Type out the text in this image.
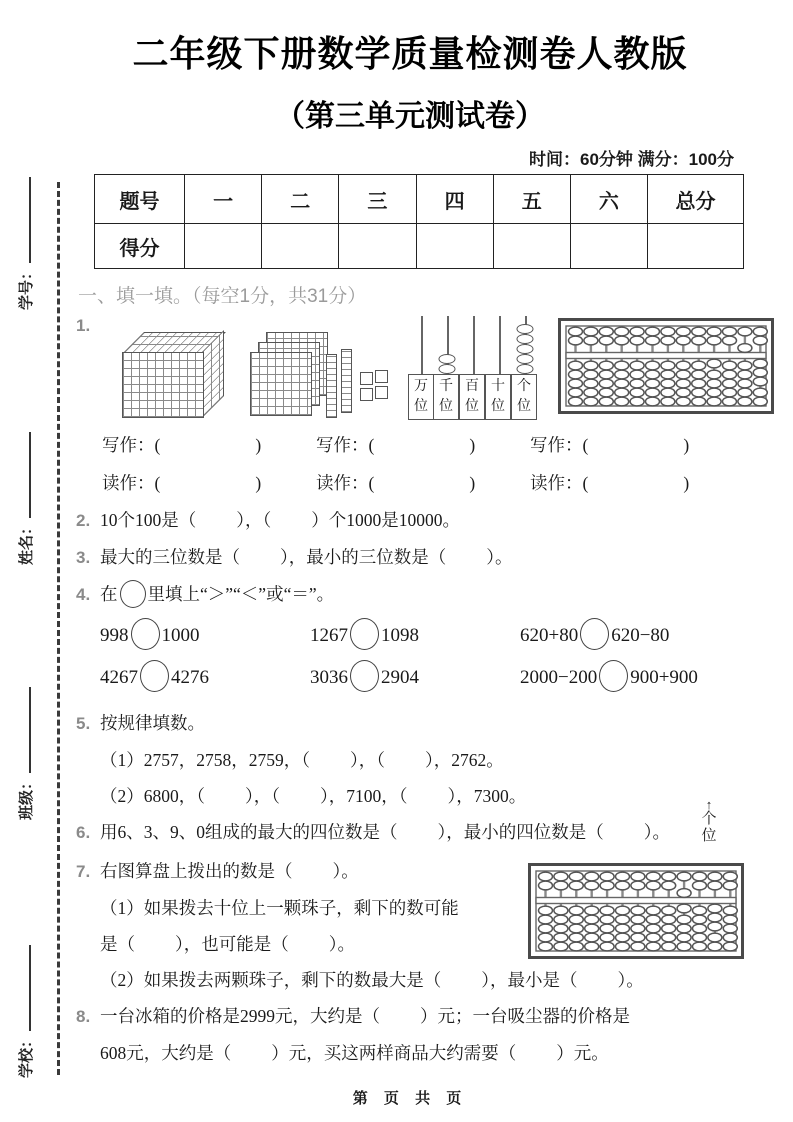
学号：
姓名：
班级：
学校：
二年级下册数学质量检测卷人教版
（第三单元测试卷）
时间：60分钟 满分：100分
题号	一	二	三	四	五	六	总分
得分							
一、填一填。（每空1分，共31分）
1.
万位
千位
百位
十位
个位
写作：(	)	写作：(	)	写作：(	)
读作：(	)	读作：(	)	读作：(	)

2. 10个100是（ ），（ ）个1000是10000。

3. 最大的三位数是（ ），最小的三位数是（ ）。

4. 在 里填上“＞”“＜”或“＝”。

998 1000	1267 1098	620+80 620−80
4267 4276	3036 2904	2000−200 900+900

5. 按规律填数。

（1）2757，2758，2759，（ ），（ ），2762。

（2）6800，（ ），（ ），7100，（ ），7300。

6. 用6、3、9、0组成的最大的四位数是（ ），最小的四位数是（ ）。

↑
个位

7. 右图算盘上拨出的数是（ ）。

（1）如果拨去十位上一颗珠子，剩下的数可能

是（ ），也可能是（ ）。

（2）如果拨去两颗珠子，剩下的数最大是（ ），最小是（ ）。

8. 一台冰箱的价格是2999元，大约是（ ）元；一台吸尘器的价格是

608元，大约是（ ）元，买这两样商品大约需要（ ）元。

第 页 共 页
